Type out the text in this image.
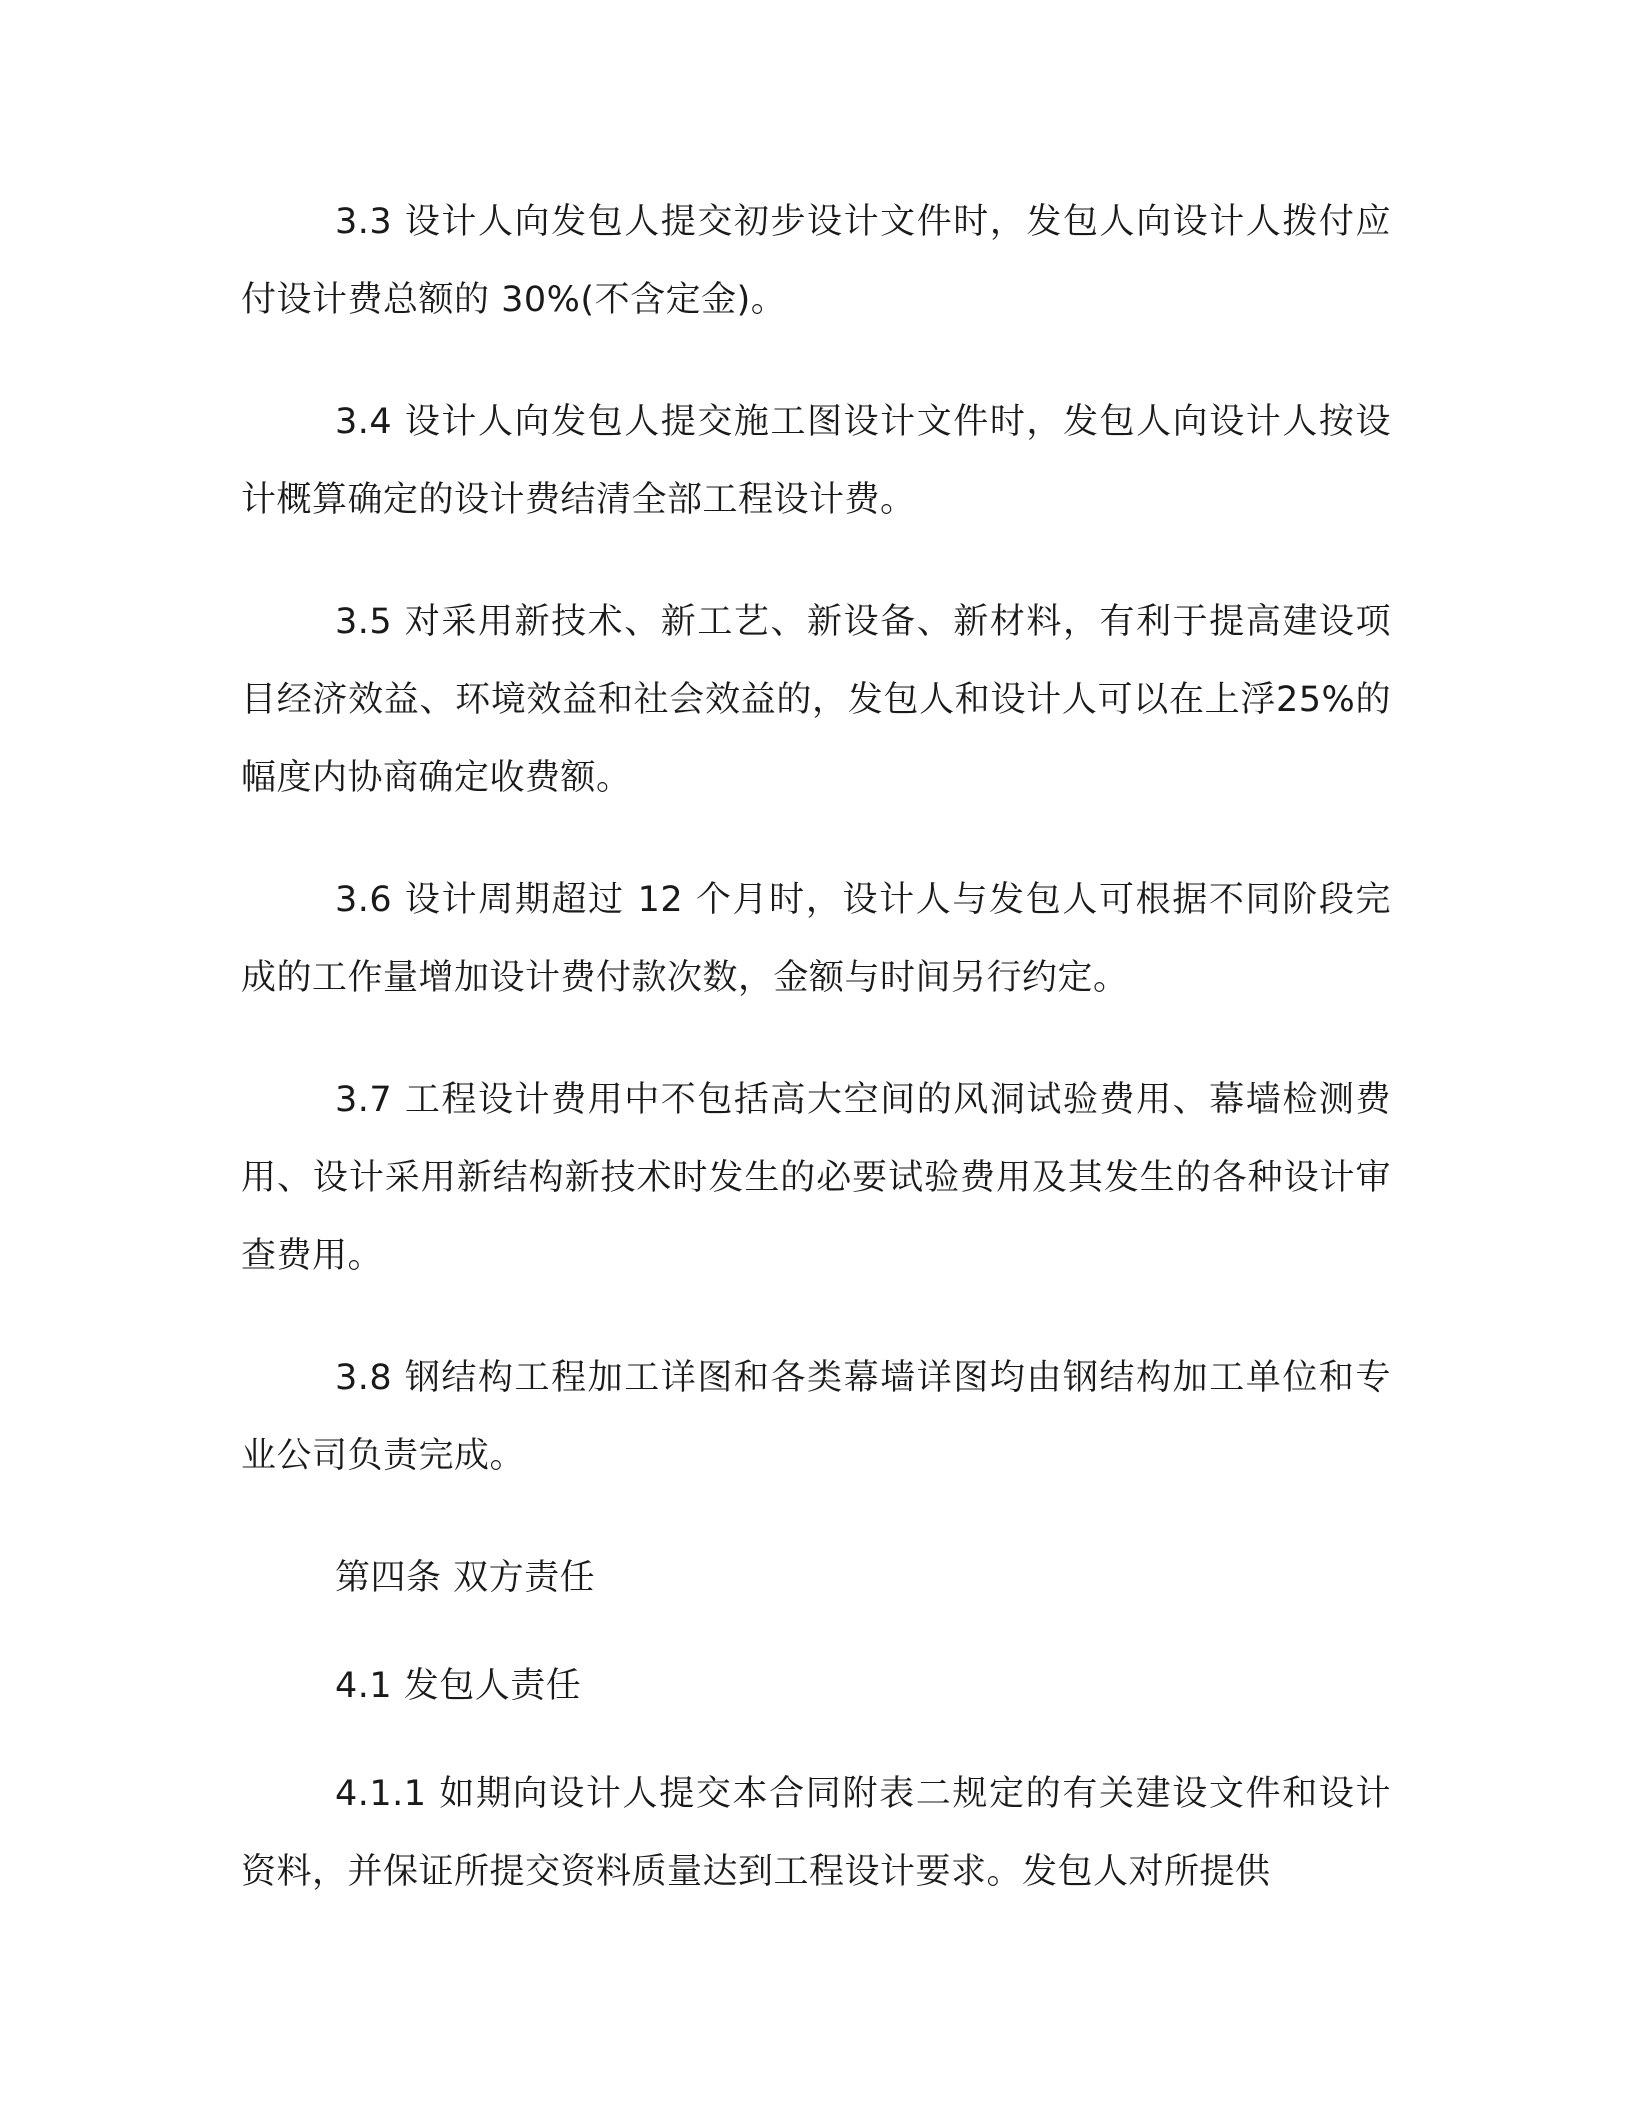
3.3 设计人向发包人提交初步设计文件时，发包人向设计人拨付应付设计费总额的 30%(不含定金)。

3.4 设计人向发包人提交施工图设计文件时，发包人向设计人按设计概算确定的设计费结清全部工程设计费。

3.5 对采用新技术、新工艺、新设备、新材料，有利于提高建设项目经济效益、环境效益和社会效益的，发包人和设计人可以在上浮25%的幅度内协商确定收费额。

3.6 设计周期超过 12 个月时，设计人与发包人可根据不同阶段完成的工作量增加设计费付款次数，金额与时间另行约定。

3.7 工程设计费用中不包括高大空间的风洞试验费用、幕墙检测费用、设计采用新结构新技术时发生的必要试验费用及其发生的各种设计审查费用。

3.8 钢结构工程加工详图和各类幕墙详图均由钢结构加工单位和专业公司负责完成。

第四条 双方责任

4.1 发包人责任

4.1.1 如期向设计人提交本合同附表二规定的有关建设文件和设计资料，并保证所提交资料质量达到工程设计要求。发包人对所提供
